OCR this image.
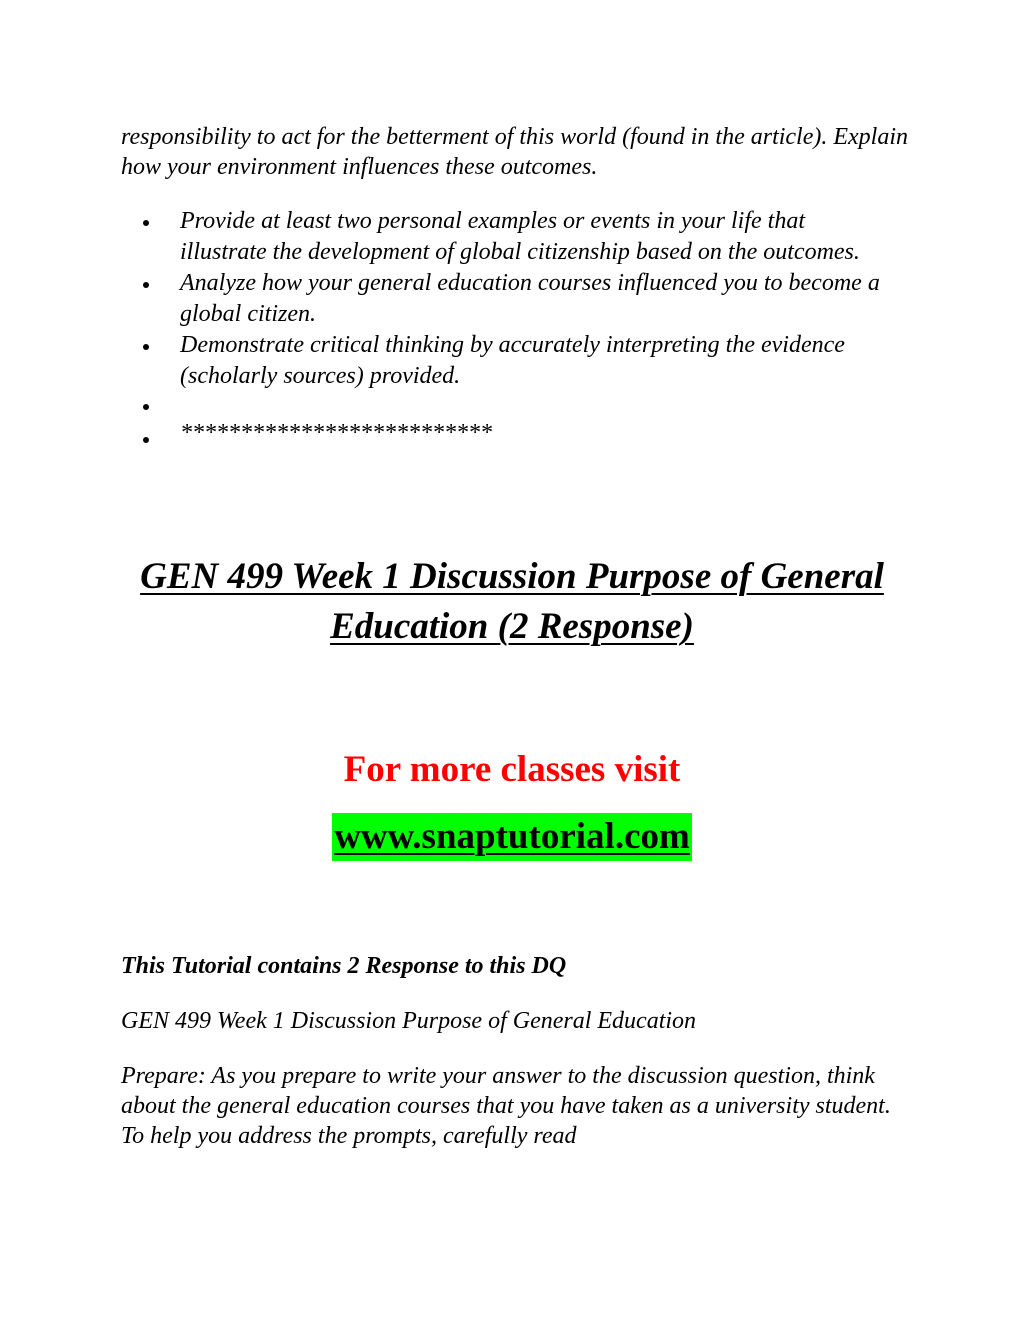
responsibility to act for the betterment of this world (found in the article). Explain how your environment influences these outcomes.

Provide at least two personal examples or events in your life that illustrate the development of global citizenship based on the outcomes.
Analyze how your general education courses influenced you to become a global citizen.
Demonstrate critical thinking by accurately interpreting the evidence (scholarly sources) provided.
**************************
GEN 499 Week 1 Discussion Purpose of General Education (2 Response)

For more classes visit

www.snaptutorial.com

This Tutorial contains 2 Response to this DQ

GEN 499 Week 1 Discussion Purpose of General Education

Prepare: As you prepare to write your answer to the discussion question, think about the general education courses that you have taken as a university student. To help you address the prompts, carefully read
